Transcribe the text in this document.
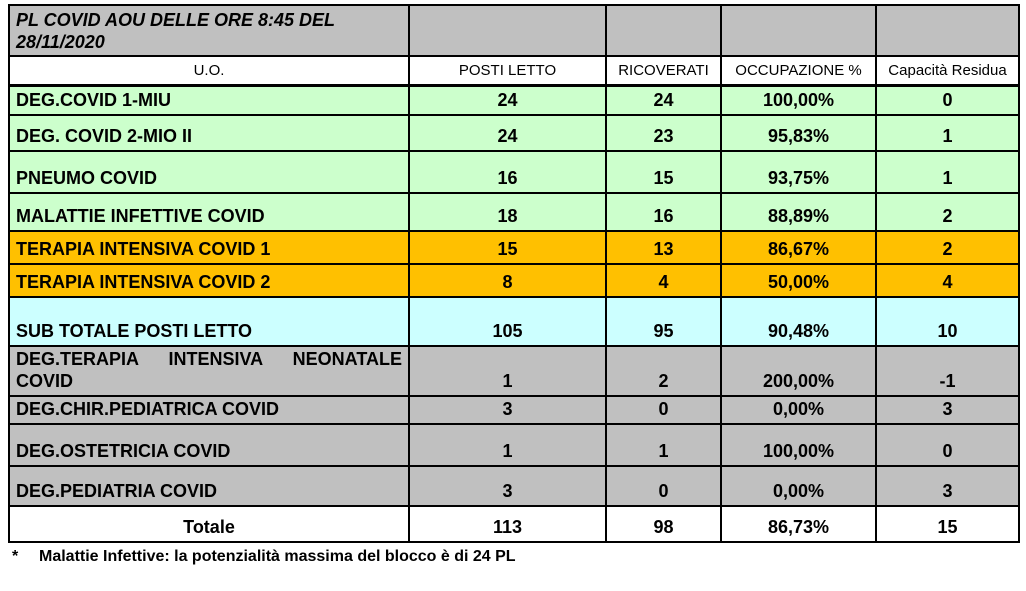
PL COVID AOU DELLE ORE 8:45 DEL 28/11/2020				
U.O.	POSTI LETTO	RICOVERATI	OCCUPAZIONE %	Capacità Residua
DEG.COVID 1-MIU	24	24	100,00%	0
DEG. COVID 2-MIO II	24	23	95,83%	1
PNEUMO COVID	16	15	93,75%	1
MALATTIE INFETTIVE COVID	18	16	88,89%	2
TERAPIA INTENSIVA COVID 1	15	13	86,67%	2
TERAPIA INTENSIVA COVID 2	8	4	50,00%	4
SUB TOTALE POSTI LETTO	105	95	90,48%	10
DEG.TERAPIA INTENSIVA NEONATALE COVID	1	2	200,00%	-1
DEG.CHIR.PEDIATRICA COVID	3	0	0,00%	3
DEG.OSTETRICIA COVID	1	1	100,00%	0
DEG.PEDIATRIA COVID	3	0	0,00%	3
Totale	113	98	86,73%	15
*	Malattie Infettive: la potenzialità massima del blocco è di 24 PL
